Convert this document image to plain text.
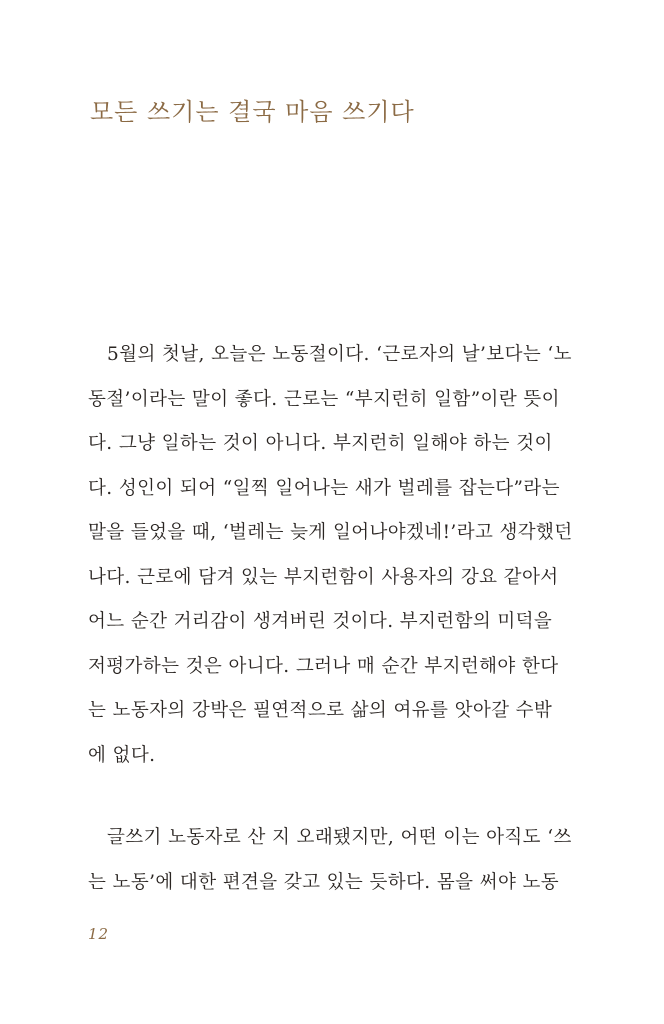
모든 쓰기는 결국 마음 쓰기다
5월의 첫날, 오늘은 노동절이다. ‘근로자의 날’보다는 ‘노
동절’이라는 말이 좋다. 근로는 “부지런히 일함”이란 뜻이
다. 그냥 일하는 것이 아니다. 부지런히 일해야 하는 것이
다. 성인이 되어 “일찍 일어나는 새가 벌레를 잡는다”라는
말을 들었을 때, ‘벌레는 늦게 일어나야겠네!’라고 생각했던
나다. 근로에 담겨 있는 부지런함이 사용자의 강요 같아서
어느 순간 거리감이 생겨버린 것이다. 부지런함의 미덕을
저평가하는 것은 아니다. 그러나 매 순간 부지런해야 한다
는 노동자의 강박은 필연적으로 삶의 여유를 앗아갈 수밖
에 없다.
글쓰기 노동자로 산 지 오래됐지만, 어떤 이는 아직도 ‘쓰
는 노동’에 대한 편견을 갖고 있는 듯하다. 몸을 써야 노동
12
